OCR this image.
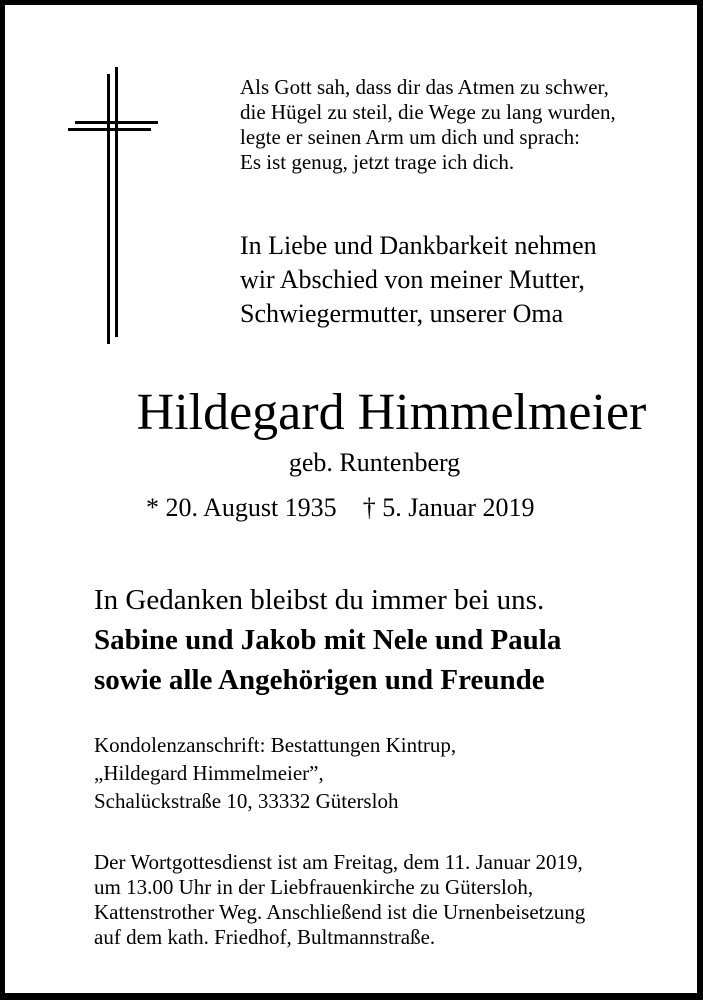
Als Gott sah, dass dir das Atmen zu schwer,
die Hügel zu steil, die Wege zu lang wurden,
legte er seinen Arm um dich und sprach:
Es ist genug, jetzt trage ich dich.
In Liebe und Dankbarkeit nehmen
wir Abschied von meiner Mutter,
Schwiegermutter, unserer Oma
Hildegard Himmelmeier
geb. Runtenberg
* 20. August 1935 † 5. Januar 2019
In Gedanken bleibst du immer bei uns.
Sabine und Jakob mit Nele und Paula
sowie alle Angehörigen und Freunde
Kondolenzanschrift: Bestattungen Kintrup,
„Hildegard Himmelmeier”,
Schalückstraße 10, 33332 Gütersloh
Der Wortgottesdienst ist am Freitag, dem 11. Januar 2019,
um 13.00 Uhr in der Liebfrauenkirche zu Gütersloh,
Kattenstrother Weg. Anschließend ist die Urnenbeisetzung
auf dem kath. Friedhof, Bultmannstraße.
